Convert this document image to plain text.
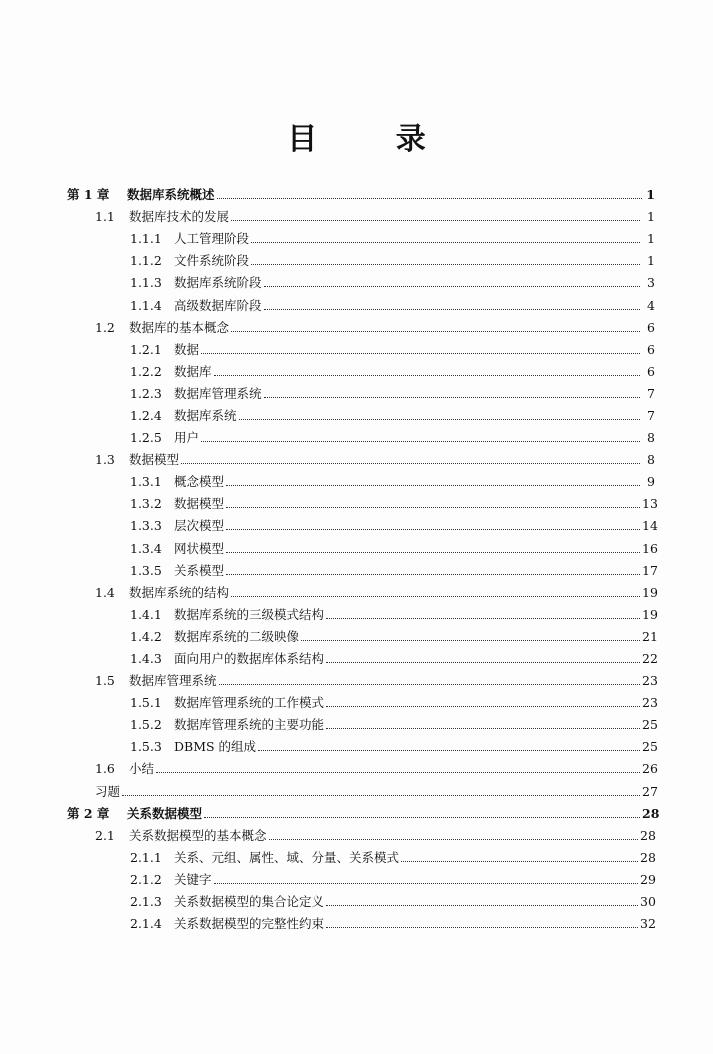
目 录
第 1 章	数据库系统概述	1
1.1	数据库技术的发展	1
1.1.1 人工管理阶段	1
1.1.2 文件系统阶段	1
1.1.3 数据库系统阶段	3
1.1.4 高级数据库阶段	4
1.2	数据库的基本概念	6
1.2.1 数据	6
1.2.2 数据库	6
1.2.3 数据库管理系统	7
1.2.4 数据库系统	7
1.2.5 用户	8
1.3	数据模型	8
1.3.1 概念模型	9
1.3.2 数据模型	13
1.3.3 层次模型	14
1.3.4 网状模型	16
1.3.5 关系模型	17
1.4	数据库系统的结构	19
1.4.1 数据库系统的三级模式结构	19
1.4.2 数据库系统的二级映像	21
1.4.3 面向用户的数据库体系结构	22
1.5	数据库管理系统	23
1.5.1 数据库管理系统的工作模式	23
1.5.2 数据库管理系统的主要功能	25
1.5.3 DBMS 的组成	25
1.6	小结	26
习题	27
第 2 章	关系数据模型	28
2.1	关系数据模型的基本概念	28
2.1.1 关系、元组、属性、域、分量、关系模式	28
2.1.2 关键字	29
2.1.3 关系数据模型的集合论定义	30
2.1.4 关系数据模型的完整性约束	32
